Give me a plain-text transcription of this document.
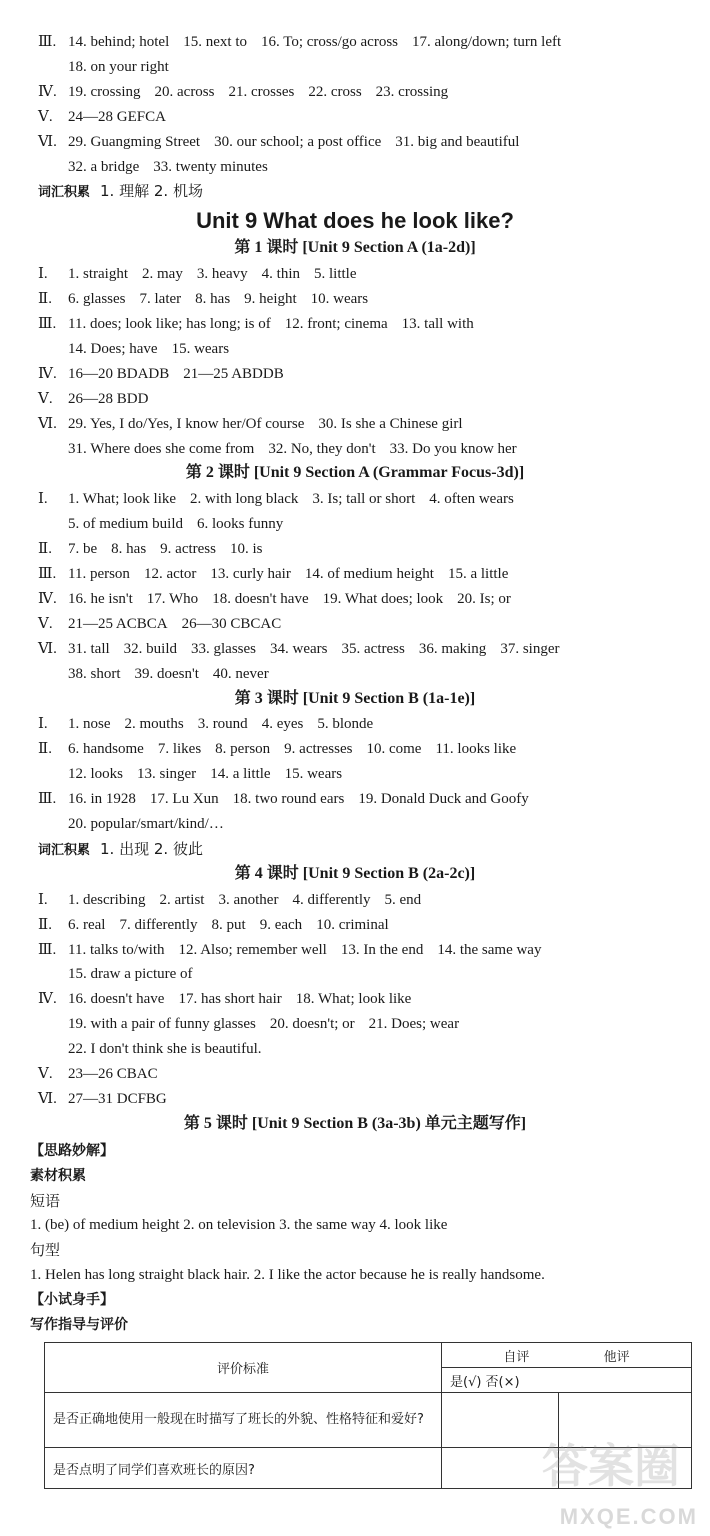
Ⅲ. 14. behind; hotel 15. next to 16. To; cross/go across 17. along/down; turn left
18. on your right
Ⅳ. 19. crossing 20. across 21. crosses 22. cross 23. crossing
Ⅴ. 24—28 GEFCA
Ⅵ. 29. Guangming Street 30. our school; a post office 31. big and beautiful
32. a bridge 33. twenty minutes
词汇积累 1. 理解 2. 机场
Unit 9 What does he look like?
第 1 课时 [Unit 9 Section A (1a-2d)]
Ⅰ. 1. straight 2. may 3. heavy 4. thin 5. little
Ⅱ. 6. glasses 7. later 8. has 9. height 10. wears
Ⅲ. 11. does; look like; has long; is of 12. front; cinema 13. tall with
14. Does; have 15. wears
Ⅳ. 16—20 BDADB 21—25 ABDDB
Ⅴ. 26—28 BDD
Ⅵ. 29. Yes, I do/Yes, I know her/Of course 30. Is she a Chinese girl
31. Where does she come from 32. No, they don't 33. Do you know her
第 2 课时 [Unit 9 Section A (Grammar Focus-3d)]
Ⅰ. 1. What; look like 2. with long black 3. Is; tall or short 4. often wears
5. of medium build 6. looks funny
Ⅱ. 7. be 8. has 9. actress 10. is
Ⅲ. 11. person 12. actor 13. curly hair 14. of medium height 15. a little
Ⅳ. 16. he isn't 17. Who 18. doesn't have 19. What does; look 20. Is; or
Ⅴ. 21—25 ACBCA 26—30 CBCAC
Ⅵ. 31. tall 32. build 33. glasses 34. wears 35. actress 36. making 37. singer
38. short 39. doesn't 40. never
第 3 课时 [Unit 9 Section B (1a-1e)]
Ⅰ. 1. nose 2. mouths 3. round 4. eyes 5. blonde
Ⅱ. 6. handsome 7. likes 8. person 9. actresses 10. come 11. looks like
12. looks 13. singer 14. a little 15. wears
Ⅲ. 16. in 1928 17. Lu Xun 18. two round ears 19. Donald Duck and Goofy
20. popular/smart/kind/…
词汇积累 1. 出现 2. 彼此
第 4 课时 [Unit 9 Section B (2a-2c)]
Ⅰ. 1. describing 2. artist 3. another 4. differently 5. end
Ⅱ. 6. real 7. differently 8. put 9. each 10. criminal
Ⅲ. 11. talks to/with 12. Also; remember well 13. In the end 14. the same way
15. draw a picture of
Ⅳ. 16. doesn't have 17. has short hair 18. What; look like
19. with a pair of funny glasses 20. doesn't; or 21. Does; wear
22. I don't think she is beautiful.
Ⅴ. 23—26 CBAC
Ⅵ. 27—31 DCFBG
第 5 课时 [Unit 9 Section B (3a-3b) 单元主题写作]
【思路妙解】
素材积累
短语
1. (be) of medium height 2. on television 3. the same way 4. look like
句型
1. Helen has long straight black hair. 2. I like the actor because he is really handsome.
【小试身手】
写作指导与评价
评价标准	自评 他评	
	是(√) 否(×)	
是否正确地使用一般现在时描写了班长的外貌、性格特征和爱好?		
是否点明了同学们喜欢班长的原因?			答案圈
MXQE.COM
